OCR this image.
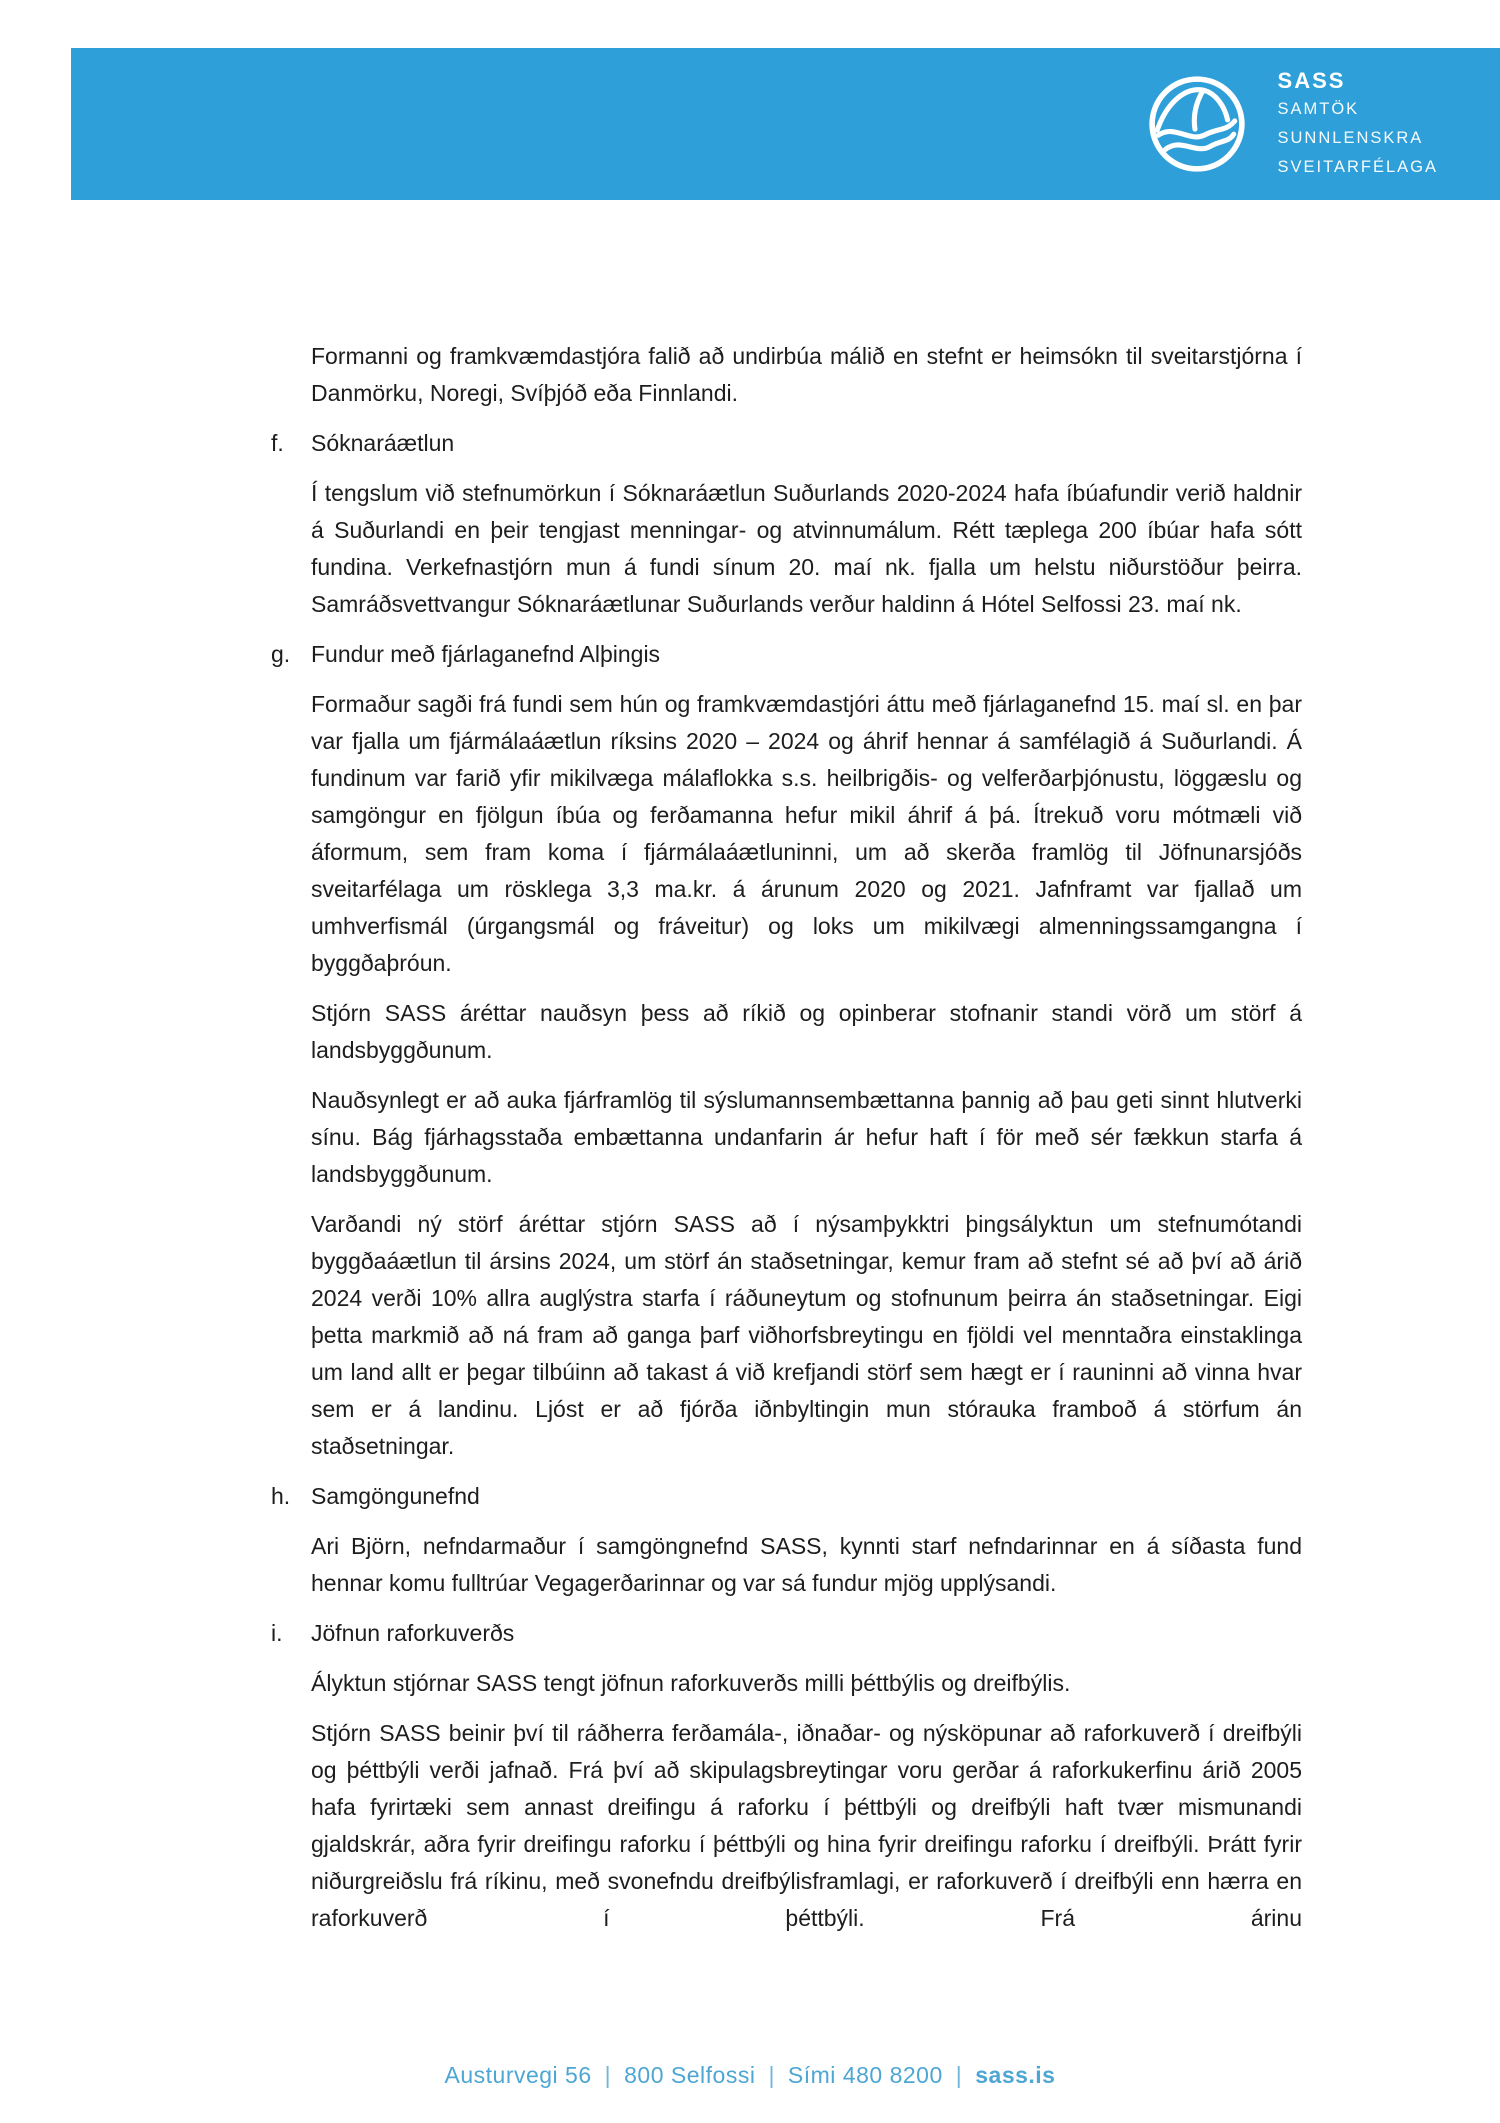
SASS
SAMTÖK
SUNNLENSKRA
SVEITARFÉLAGA

Formanni og framkvæmdastjóra falið að undirbúa málið en stefnt er heimsókn til sveitarstjórna í Danmörku, Noregi, Svíþjóð eða Finnlandi.

f.	Sóknaráætlun

Í tengslum við stefnumörkun í Sóknaráætlun Suðurlands 2020-2024 hafa íbúafundir verið haldnir á Suðurlandi en þeir tengjast menningar- og atvinnumálum. Rétt tæplega 200 íbúar hafa sótt fundina. Verkefnastjórn mun á fundi sínum 20. maí nk. fjalla um helstu niðurstöður þeirra. Samráðsvettvangur Sóknaráætlunar Suðurlands verður haldinn á Hótel Selfossi 23. maí nk.

g. Fundur með fjárlaganefnd Alþingis

Formaður sagði frá fundi sem hún og framkvæmdastjóri áttu með fjárlaganefnd 15. maí sl. en þar var fjalla um fjármálaáætlun ríksins 2020 – 2024 og áhrif hennar á samfélagið á Suðurlandi. Á fundinum var farið yfir mikilvæga málaflokka s.s. heilbrigðis- og velferðarþjónustu, löggæslu og samgöngur en fjölgun íbúa og ferðamanna hefur mikil áhrif á þá. Ítrekuð voru mótmæli við áformum, sem fram koma í fjármálaáætluninni, um að skerða framlög til Jöfnunarsjóðs sveitarfélaga um rösklega 3,3 ma.kr. á árunum 2020 og 2021. Jafnframt var fjallað um umhverfismál (úrgangsmál og fráveitur) og loks um mikilvægi almenningssamgangna í byggðaþróun.

Stjórn SASS áréttar nauðsyn þess að ríkið og opinberar stofnanir standi vörð um störf á landsbyggðunum.

Nauðsynlegt er að auka fjárframlög til sýslumannsembættanna þannig að þau geti sinnt hlutverki sínu. Bág fjárhagsstaða embættanna undanfarin ár hefur haft í för með sér fækkun starfa á landsbyggðunum.

Varðandi ný störf áréttar stjórn SASS að í nýsamþykktri þingsályktun um stefnumótandi byggðaáætlun til ársins 2024, um störf án staðsetningar, kemur fram að stefnt sé að því að árið 2024 verði 10% allra auglýstra starfa í ráðuneytum og stofnunum þeirra án staðsetningar. Eigi þetta markmið að ná fram að ganga þarf viðhorfsbreytingu en fjöldi vel menntaðra einstaklinga um land allt er þegar tilbúinn að takast á við krefjandi störf sem hægt er í rauninni að vinna hvar sem er á landinu. Ljóst er að fjórða iðnbyltingin mun stórauka framboð á störfum án staðsetningar.

h. Samgöngunefnd

Ari Björn, nefndarmaður í samgöngnefnd SASS, kynnti starf nefndarinnar en á síðasta fund hennar komu fulltrúar Vegagerðarinnar og var sá fundur mjög upplýsandi.

i.	Jöfnun raforkuverðs

Ályktun stjórnar SASS tengt jöfnun raforkuverðs milli þéttbýlis og dreifbýlis.

Stjórn SASS beinir því til ráðherra ferðamála-, iðnaðar- og nýsköpunar að raforkuverð í dreifbýli og þéttbýli verði jafnað. Frá því að skipulagsbreytingar voru gerðar á raforkukerfinu árið 2005 hafa fyrirtæki sem annast dreifingu á raforku í þéttbýli og dreifbýli haft tvær mismunandi gjaldskrár, aðra fyrir dreifingu raforku í þéttbýli og hina fyrir dreifingu raforku í dreifbýli. Þrátt fyrir niðurgreiðslu frá ríkinu, með svonefndu dreifbýlisframlagi, er raforkuverð í dreifbýli enn hærra en raforkuverð í þéttbýli. Frá árinu

Austurvegi 56 | 800 Selfossi | Sími 480 8200 | sass.is
